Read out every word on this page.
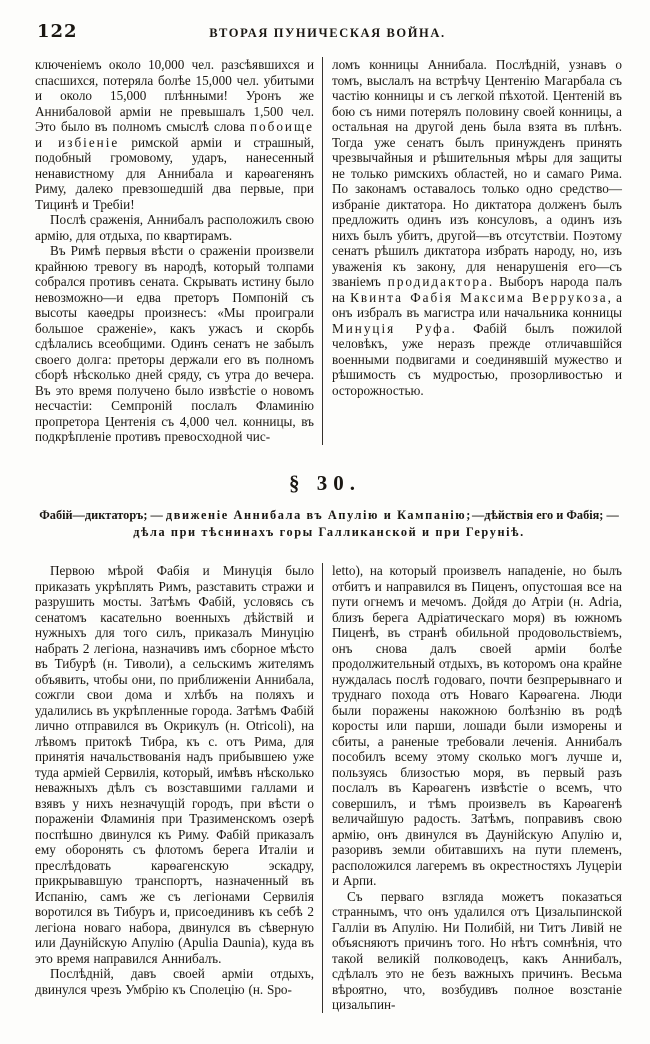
122	ВТОРАЯ ПУНИЧЕСКАЯ ВОЙНА.

ключеніемъ около 10,000 чел. разсѣявшихся и спасшихся, потеряла болѣе 15,000 чел. убитыми и около 15,000 плѣнными! Уронъ же Аннибаловой арміи не превышалъ 1,500 чел. Это было въ полномъ смыслѣ слова побоище и избіеніе римской арміи и страшный, подобный громовому, ударъ, нанесенный ненавистному для Аннибала и карѳагенянъ Риму, далеко превзошедшій два первые, при Тицинѣ и Требіи!

Послѣ сраженія, Аннибалъ расположилъ свою армію, для отдыха, по квартирамъ.

Въ Римѣ первыя вѣсти о сраженіи произвели крайнюю тревогу въ народѣ, который толпами собрался противъ сената. Скрывать истину было невозможно—и едва преторъ Помпоній съ высоты каѳедры произнесъ: «Мы проиграли большое сраженіе», какъ ужасъ и скорбь сдѣлались всеобщими. Одинъ сенатъ не забылъ своего долга: преторы держали его въ полномъ сборѣ нѣсколько дней сряду, съ утра до вечера. Въ это время получено было извѣстіе о новомъ несчастіи: Семпроній послалъ Фламинію пропретора Центенія съ 4,000 чел. конницы, въ подкрѣпленіе противъ превосходной чис-

ломъ конницы Аннибала. Послѣдній, узнавъ о томъ, выслалъ на встрѣчу Центенію Магарбала съ частію конницы и съ легкой пѣхотой. Центеній въ бою съ ними потерялъ половину своей конницы, а остальная на другой день была взята въ плѣнъ. Тогда уже сенатъ былъ принужденъ принять чрезвычайныя и рѣшительныя мѣры для защиты не только римскихъ областей, но и самаго Рима. По законамъ оставалось только одно средство—избраніе диктатора. Но диктатора долженъ былъ предложить одинъ изъ консуловъ, а одинъ изъ нихъ былъ убитъ, другой—въ отсутствіи. Поэтому сенатъ рѣшилъ диктатора избрать народу, но, изъ уваженія къ закону, для ненарушенія его—съ званіемъ продидактора. Выборъ народа палъ на Квинта Фабія Максима Веррукоза, а онъ избралъ въ магистра или начальника конницы Минуція Руфа. Фабій былъ пожилой человѣкъ, уже неразъ прежде отличавшійся военными подвигами и соединявшій мужество и рѣшимость съ мудростью, прозорливостью и осторожностью.

§ 30.

Фабій—диктаторъ; — движеніе Аннибала въ Апулію и Кампанію;—дѣйствія его и Фабія; — дѣла при тѣснинахъ горы Галликанской и при Геруніѣ.

Первою мѣрой Фабія и Минуція было приказать укрѣплять Римъ, разставить стражи и разрушить мосты. Затѣмъ Фабій, условясь съ сенатомъ касательно военныхъ дѣйствій и нужныхъ для того силъ, приказалъ Минуцію набрать 2 легіона, назначивъ имъ сборное мѣсто въ Тибурѣ (н. Тиволи), а сельскимъ жителямъ объявить, чтобы они, по приближеніи Аннибала, сожгли свои дома и хлѣбъ на поляхъ и удалились въ укрѣпленные города. Затѣмъ Фабій лично отправился въ Окрикулъ (н. Otricoli), на лѣвомъ притокѣ Тибра, къ с. отъ Рима, для принятія начальствованія надъ прибывшею уже туда арміей Сервилія, который, имѣвъ нѣсколько неважныхъ дѣлъ съ возставшими галлами и взявъ у нихъ незначущій городъ, при вѣсти о пораженіи Фламинія при Тразименскомъ озерѣ поспѣшно двинулся къ Риму. Фабій приказалъ ему оборонять съ флотомъ берега Италіи и преслѣдовать карѳагенскую эскадру, прикрывавшую транспортъ, назначенный въ Испанію, самъ же съ легіонами Сервилія воротился въ Тибуръ и, присоединивъ къ себѣ 2 легіона новаго набора, двинулся въ сѣверную или Даунійскую Апулію (Apulia Daunia), куда въ это время направился Аннибалъ.

Послѣдній, давъ своей арміи отдыхъ, двинулся чрезъ Умбрію къ Сполецію (н. Spo-

letto), на который произвелъ нападеніе, но былъ отбитъ и направился въ Пиценъ, опустошая все на пути огнемъ и мечомъ. Дойдя до Атріи (н. Adria, близъ берега Адріатическаго моря) въ южномъ Пиценѣ, въ странѣ обильной продовольствіемъ, онъ снова далъ своей арміи болѣе продолжительный отдыхъ, въ которомъ она крайне нуждалась послѣ годоваго, почти безпрерывнаго и труднаго похода отъ Новаго Карѳагена. Люди были поражены накожною болѣзнію въ родѣ коросты или парши, лошади были изморены и сбиты, а раненые требовали леченія. Аннибалъ пособилъ всему этому сколько могъ лучше и, пользуясь близостью моря, въ первый разъ послалъ въ Карѳагенъ извѣстіе о всемъ, что совершилъ, и тѣмъ произвелъ въ Карѳагенѣ величайшую радость. Затѣмъ, поправивъ свою армію, онъ двинулся въ Даунійскую Апулію и, разоривъ земли обитавшихъ на пути племенъ, расположился лагеремъ въ окрестностяхъ Луцеріи и Арпи.

Съ перваго взгляда можетъ показаться страннымъ, что онъ удалился отъ Цизальпинской Галліи въ Апулію. Ни Полибій, ни Титъ Ливій не объясняютъ причинъ того. Но нѣтъ сомнѣнія, что такой великій полководецъ, какъ Аннибалъ, сдѣлалъ это не безъ важныхъ причинъ. Весьма вѣроятно, что, возбудивъ полное возстаніе цизальпин-
